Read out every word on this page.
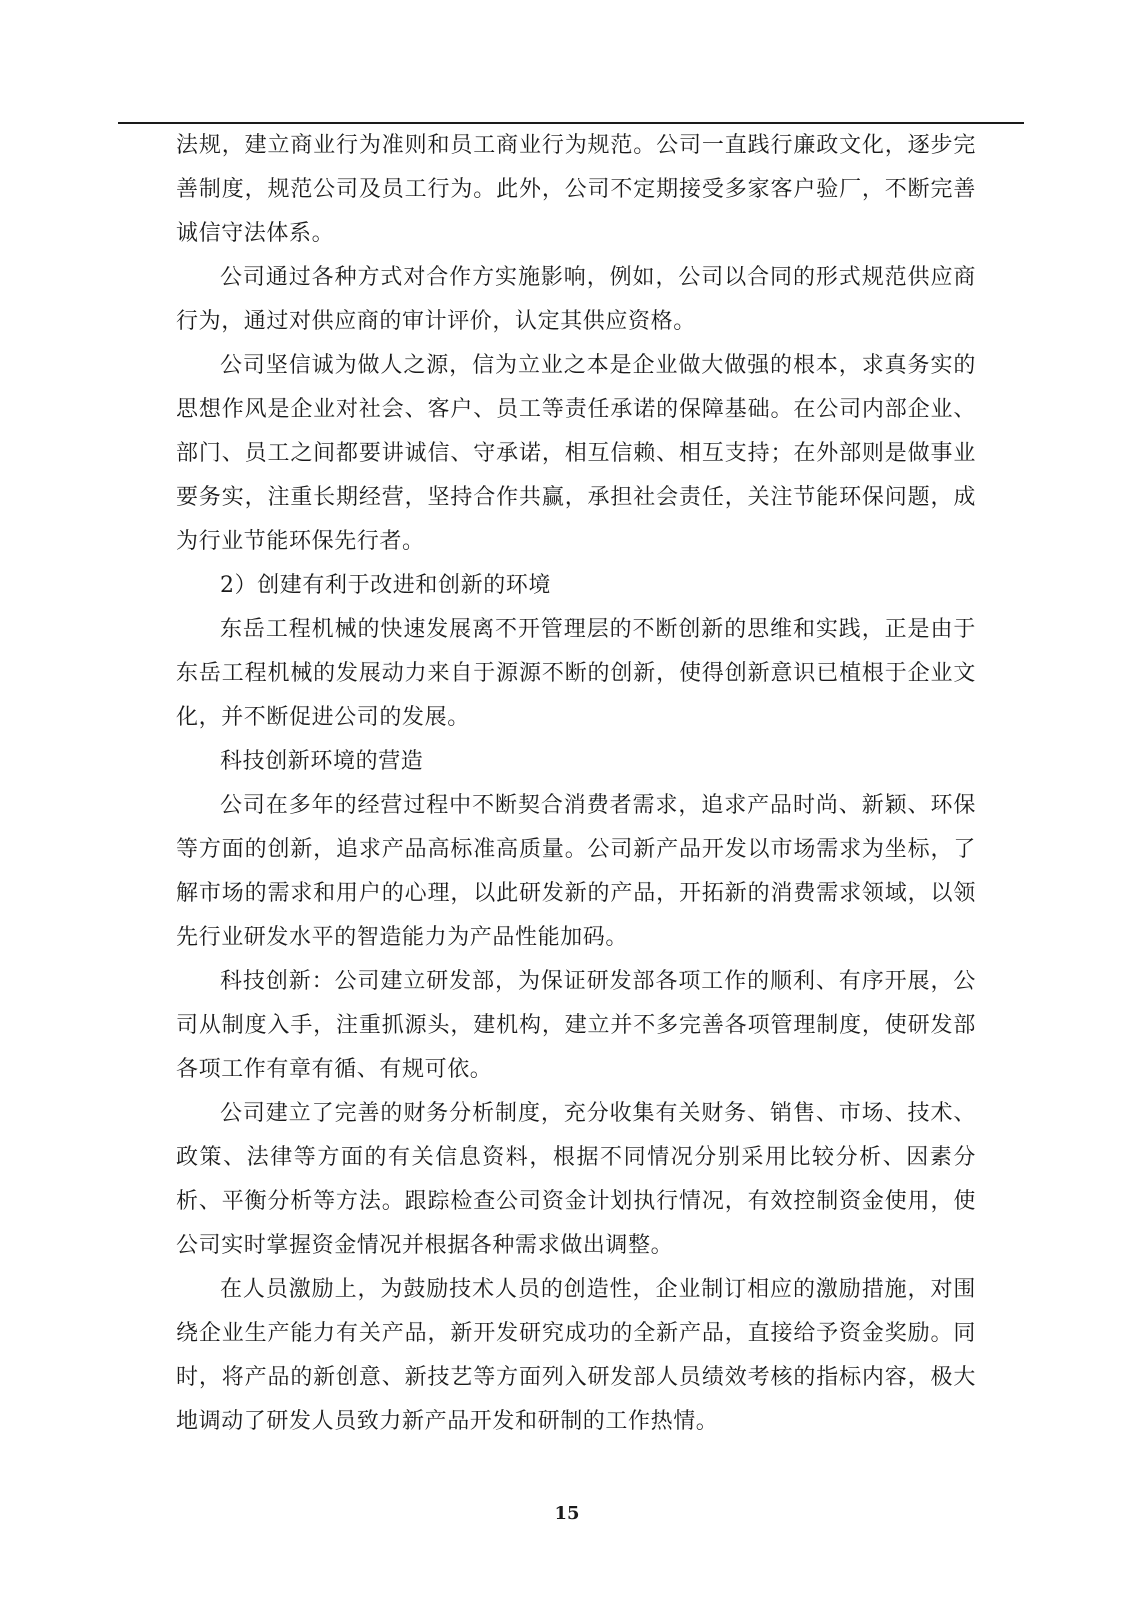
法规，建立商业行为准则和员工商业行为规范。公司一直践行廉政文化，逐步完善制度，规范公司及员工行为。此外，公司不定期接受多家客户验厂，不断完善诚信守法体系。

公司通过各种方式对合作方实施影响，例如，公司以合同的形式规范供应商行为，通过对供应商的审计评价，认定其供应资格。

公司坚信诚为做人之源，信为立业之本是企业做大做强的根本，求真务实的思想作风是企业对社会、客户、员工等责任承诺的保障基础。在公司内部企业、部门、员工之间都要讲诚信、守承诺，相互信赖、相互支持；在外部则是做事业要务实，注重长期经营，坚持合作共赢，承担社会责任，关注节能环保问题，成为行业节能环保先行者。

2）创建有利于改进和创新的环境

东岳工程机械的快速发展离不开管理层的不断创新的思维和实践，正是由于东岳工程机械的发展动力来自于源源不断的创新，使得创新意识已植根于企业文化，并不断促进公司的发展。

科技创新环境的营造

公司在多年的经营过程中不断契合消费者需求，追求产品时尚、新颖、环保等方面的创新，追求产品高标准高质量。公司新产品开发以市场需求为坐标，了解市场的需求和用户的心理，以此研发新的产品，开拓新的消费需求领域，以领先行业研发水平的智造能力为产品性能加码。

科技创新：公司建立研发部，为保证研发部各项工作的顺利、有序开展，公司从制度入手，注重抓源头，建机构，建立并不多完善各项管理制度，使研发部各项工作有章有循、有规可依。

公司建立了完善的财务分析制度，充分收集有关财务、销售、市场、技术、政策、法律等方面的有关信息资料，根据不同情况分别采用比较分析、因素分析、平衡分析等方法。跟踪检查公司资金计划执行情况，有效控制资金使用，使公司实时掌握资金情况并根据各种需求做出调整。

在人员激励上，为鼓励技术人员的创造性，企业制订相应的激励措施，对围绕企业生产能力有关产品，新开发研究成功的全新产品，直接给予资金奖励。同时，将产品的新创意、新技艺等方面列入研发部人员绩效考核的指标内容，极大地调动了研发人员致力新产品开发和研制的工作热情。

15
